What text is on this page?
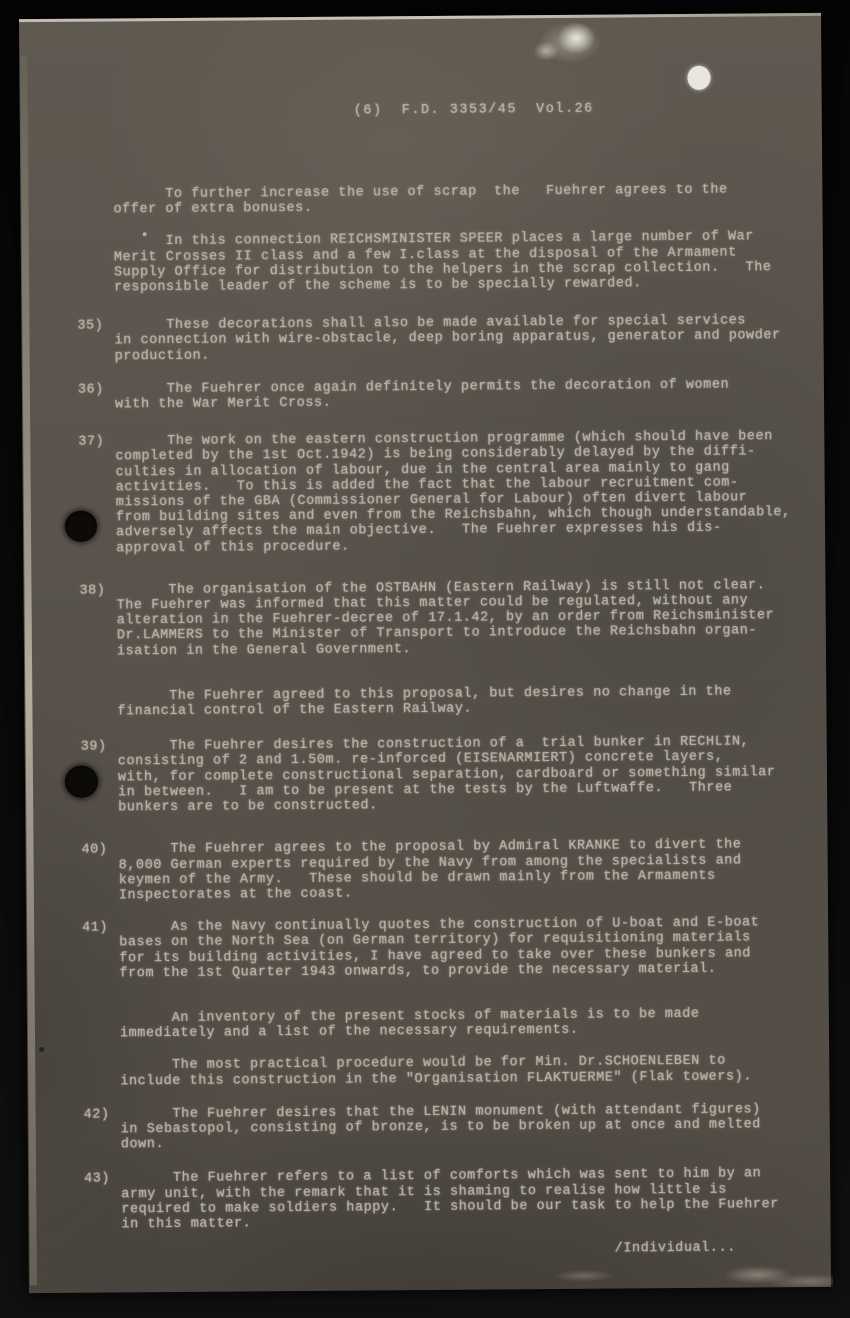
(6)  F.D. 3353/45  Vol.26
To further increase the use of scrap  the   Fuehrer agrees to the
offer of extra bonuses.
In this connection REICHSMINISTER SPEER places a large number of War
Merit Crosses II class and a few I.class at the disposal of the Armament
Supply Office for distribution to the helpers in the scrap collection.   The
responsible leader of the scheme is to be specially rewarded.
35) These decorations shall also be made available for special services
in connection with wire-obstacle, deep boring apparatus, generator and powder
production.
36) The Fuehrer once again definitely permits the decoration of women
with the War Merit Cross.
37) The work on the eastern construction programme (which should have been
completed by the 1st Oct.1942) is being considerably delayed by the diffi-
culties in allocation of labour, due in the central area mainly to gang
activities.   To this is added the fact that the labour recruitment com-
missions of the GBA (Commissioner General for Labour) often divert labour
from building sites and even from the Reichsbahn, which though understandable,
adversely affects the main objective.   The Fuehrer expresses his dis-
approval of this procedure.
38) The organisation of the OSTBAHN (Eastern Railway) is still not clear.
The Fuehrer was informed that this matter could be regulated, without any
alteration in the Fuehrer-decree of 17.1.42, by an order from Reichsminister
Dr.LAMMERS to the Minister of Transport to introduce the Reichsbahn organ-
isation in the General Government.
The Fuehrer agreed to this proposal, but desires no change in the
financial control of the Eastern Railway.
39) The Fuehrer desires the construction of a  trial bunker in RECHLIN,
consisting of 2 and 1.50m. re-inforced (EISENARMIERT) concrete layers,
with, for complete constructional separation, cardboard or something similar
in between.   I am to be present at the tests by the Luftwaffe.   Three
bunkers are to be constructed.
40) The Fuehrer agrees to the proposal by Admiral KRANKE to divert the
8,000 German experts required by the Navy from among the specialists and
keymen of the Army.   These should be drawn mainly from the Armaments
Inspectorates at the coast.
41) As the Navy continually quotes the construction of U-boat and E-boat
bases on the North Sea (on German territory) for requisitioning materials
for its building activities, I have agreed to take over these bunkers and
from the 1st Quarter 1943 onwards, to provide the necessary material.
An inventory of the present stocks of materials is to be made
immediately and a list of the necessary requirements.
The most practical procedure would be for Min. Dr.SCHOENLEBEN to
include this construction in the "Organisation FLAKTUERME" (Flak towers).
42) The Fuehrer desires that the LENIN monument (with attendant figures)
in Sebastopol, consisting of bronze, is to be broken up at once and melted
down.
43) The Fuehrer refers to a list of comforts which was sent to him by an
army unit, with the remark that it is shaming to realise how little is
required to make soldiers happy.   It should be our task to help the Fuehrer
in this matter.
/Individual...
